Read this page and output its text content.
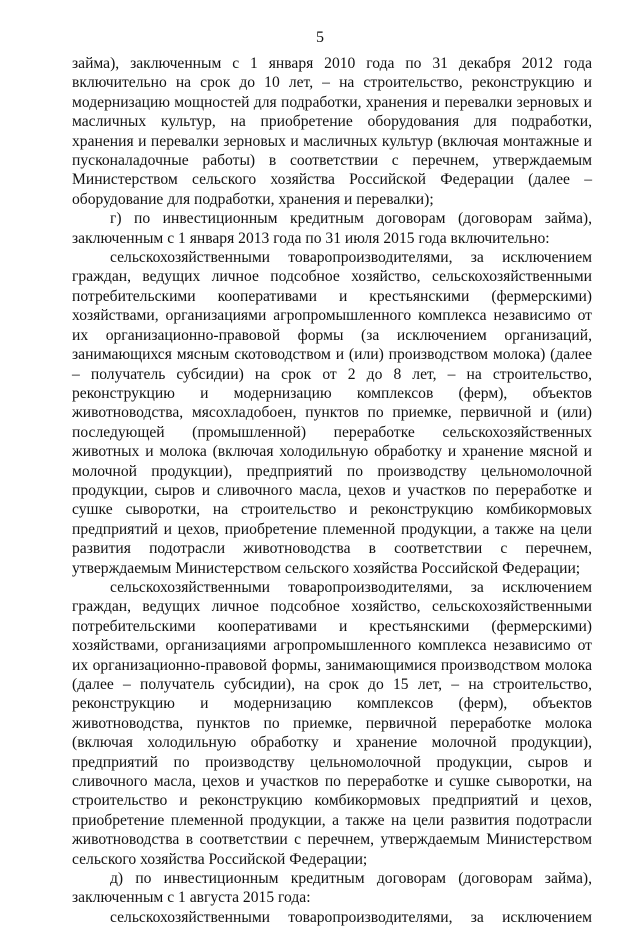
5

займа), заключенным с 1 января 2010 года по 31 декабря 2012 года включительно на срок до 10 лет, – на строительство, реконструкцию и модернизацию мощностей для подработки, хранения и перевалки зерновых и масличных культур, на приобретение оборудования для подработки, хранения и перевалки зерновых и масличных культур (включая монтажные и пусконаладочные работы) в соответствии с перечнем, утверждаемым Министерством сельского хозяйства Российской Федерации (далее – оборудование для подработки, хранения и перевалки);

г) по инвестиционным кредитным договорам (договорам займа), заключенным с 1 января 2013 года по 31 июля 2015 года включительно:

сельскохозяйственными товаропроизводителями, за исключением граждан, ведущих личное подсобное хозяйство, сельскохозяйственными потребительскими кооперативами и крестьянскими (фермерскими) хозяйствами, организациями агропромышленного комплекса независимо от их организационно-правовой формы (за исключением организаций, занимающихся мясным скотоводством и (или) производством молока) (далее – получатель субсидии) на срок от 2 до 8 лет, – на строительство, реконструкцию и модернизацию комплексов (ферм), объектов животноводства, мясохладобоен, пунктов по приемке, первичной и (или) последующей (промышленной) переработке сельскохозяйственных животных и молока (включая холодильную обработку и хранение мясной и молочной продукции), предприятий по производству цельномолочной продукции, сыров и сливочного масла, цехов и участков по переработке и сушке сыворотки, на строительство и реконструкцию комбикормовых предприятий и цехов, приобретение племенной продукции, а также на цели развития подотрасли животноводства в соответствии с перечнем, утверждаемым Министерством сельского хозяйства Российской Федерации;

сельскохозяйственными товаропроизводителями, за исключением граждан, ведущих личное подсобное хозяйство, сельскохозяйственными потребительскими кооперативами и крестьянскими (фермерскими) хозяйствами, организациями агропромышленного комплекса независимо от их организационно-правовой формы, занимающимися производством молока (далее – получатель субсидии), на срок до 15 лет, – на строительство, реконструкцию и модернизацию комплексов (ферм), объектов животноводства, пунктов по приемке, первичной переработке молока (включая холодильную обработку и хранение молочной продукции), предприятий по производству цельномолочной продукции, сыров и сливочного масла, цехов и участков по переработке и сушке сыворотки, на строительство и реконструкцию комбикормовых предприятий и цехов, приобретение племенной продукции, а также на цели развития подотрасли животноводства в соответствии с перечнем, утверждаемым Министерством сельского хозяйства Российской Федерации;

д) по инвестиционным кредитным договорам (договорам займа), заключенным с 1 августа 2015 года:

сельскохозяйственными товаропроизводителями, за исключением
